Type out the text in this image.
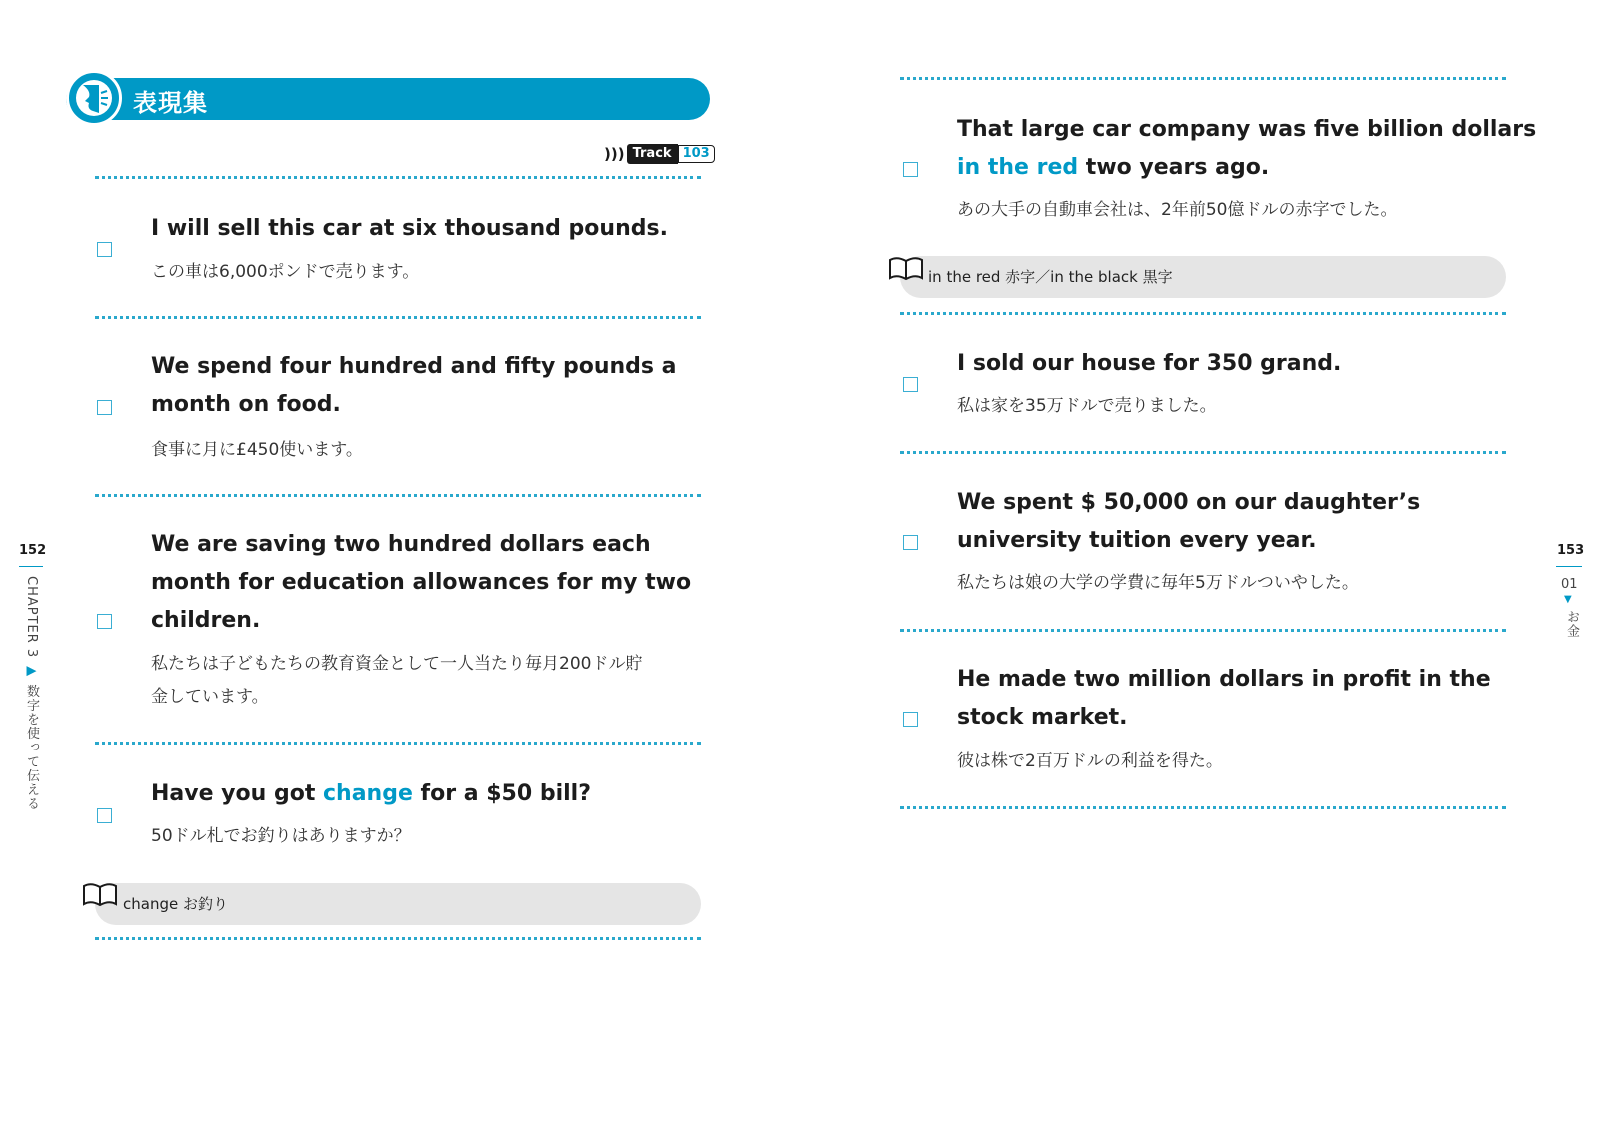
表現集
))) Track 103
I will sell this car at six thousand pounds.
この車は6,000ポンドで売ります。
We spend four hundred and fifty pounds a
month on food.
食事に月に£450使います。
We are saving two hundred dollars each
month for education allowances for my two
children.
私たちは子どもたちの教育資金として一人当たり毎月200ドル貯
金しています。
Have you got change for a $50 bill?
50ドル札でお釣りはありますか？
change お釣り
152
CHAPTER 3 ▶ 数字を使って伝える
That large car company was five billion dollars
in the red two years ago.
あの大手の自動車会社は、2年前50億ドルの赤字でした。
in the red 赤字／in the black 黒字
I sold our house for 350 grand.
私は家を35万ドルで売りました。
We spent $ 50,000 on our daughter’s
university tuition every year.
私たちは娘の大学の学費に毎年5万ドルついやした。
He made two million dollars in profit in the
stock market.
彼は株で2百万ドルの利益を得た。
153
01
▼
お金
